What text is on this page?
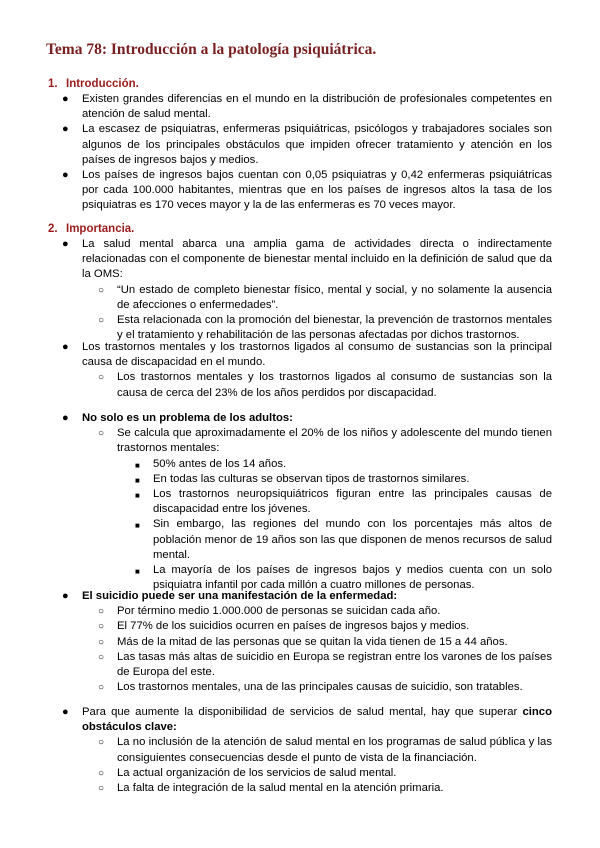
Tema 78: Introducción a la patología psiquiátrica.
1. Introducción.
● Existen grandes diferencias en el mundo en la distribución de profesionales competentes en atención de salud mental.
● La escasez de psiquiatras, enfermeras psiquiátricas, psicólogos y trabajadores sociales son algunos de los principales obstáculos que impiden ofrecer tratamiento y atención en los países de ingresos bajos y medios.
● Los países de ingresos bajos cuentan con 0,05 psiquiatras y 0,42 enfermeras psiquiátricas por cada 100.000 habitantes, mientras que en los países de ingresos altos la tasa de los psiquiatras es 170 veces mayor y la de las enfermeras es 70 veces mayor.
2. Importancia.
● La salud mental abarca una amplia gama de actividades directa o indirectamente relacionadas con el componente de bienestar mental incluido en la definición de salud que da la OMS:
○ “Un estado de completo bienestar físico, mental y social, y no solamente la ausencia de afecciones o enfermedades”.
○ Esta relacionada con la promoción del bienestar, la prevención de trastornos mentales y el tratamiento y rehabilitación de las personas afectadas por dichos trastornos.
● Los trastornos mentales y los trastornos ligados al consumo de sustancias son la principal causa de discapacidad en el mundo.
○ Los trastornos mentales y los trastornos ligados al consumo de sustancias son la causa de cerca del 23% de los años perdidos por discapacidad.
● No solo es un problema de los adultos:
○ Se calcula que aproximadamente el 20% de los niños y adolescente del mundo tienen trastornos mentales:
■ 50% antes de los 14 años.
■ En todas las culturas se observan tipos de trastornos similares.
■ Los trastornos neuropsiquiátricos figuran entre las principales causas de discapacidad entre los jóvenes.
■ Sin embargo, las regiones del mundo con los porcentajes más altos de población menor de 19 años son las que disponen de menos recursos de salud mental.
■ La mayoría de los países de ingresos bajos y medios cuenta con un solo psiquiatra infantil por cada millón a cuatro millones de personas.
● El suicidio puede ser una manifestación de la enfermedad:
○ Por término medio 1.000.000 de personas se suicidan cada año.
○ El 77% de los suicidios ocurren en países de ingresos bajos y medios.
○ Más de la mitad de las personas que se quitan la vida tienen de 15 a 44 años.
○ Las tasas más altas de suicidio en Europa se registran entre los varones de los países de Europa del este.
○ Los trastornos mentales, una de las principales causas de suicidio, son tratables.
● Para que aumente la disponibilidad de servicios de salud mental, hay que superar cinco obstáculos clave:
○ La no inclusión de la atención de salud mental en los programas de salud pública y las consiguientes consecuencias desde el punto de vista de la financiación.
○ La actual organización de los servicios de salud mental.
○ La falta de integración de la salud mental en la atención primaria.
